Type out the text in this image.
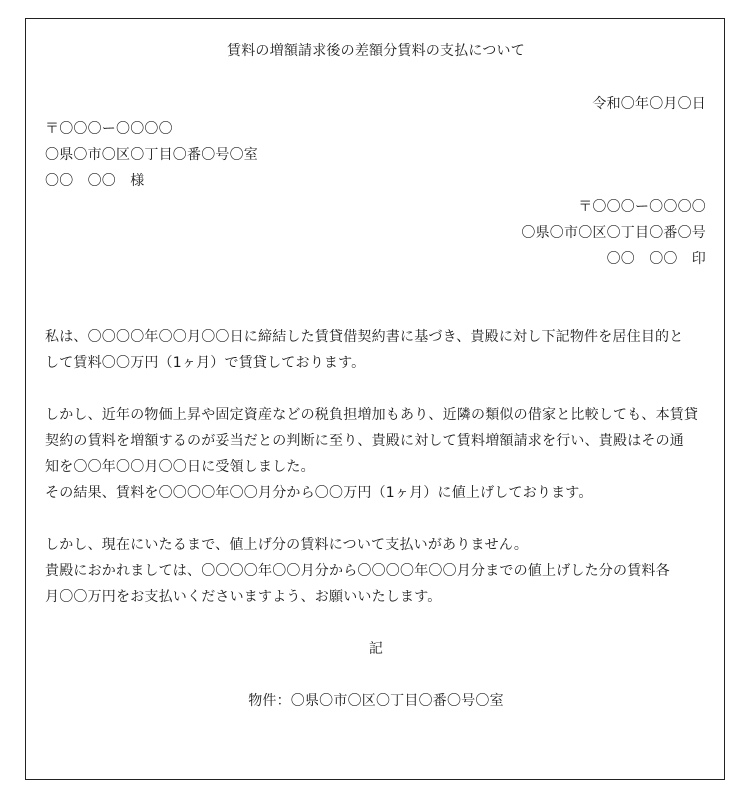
賃料の増額請求後の差額分賃料の支払について
令和〇年〇月〇日
〒〇〇〇ー〇〇〇〇
〇県〇市〇区〇丁目〇番〇号〇室
〇〇　〇〇　様
〒〇〇〇ー〇〇〇〇
〇県〇市〇区〇丁目〇番〇号
〇〇　〇〇　印
私は、〇〇〇〇年〇〇月〇〇日に締結した賃貸借契約書に基づき、貴殿に対し下記物件を居住目的と
して賃料〇〇万円（1ヶ月）で賃貸しております。
しかし、近年の物価上昇や固定資産などの税負担増加もあり、近隣の類似の借家と比較しても、本賃貸
契約の賃料を増額するのが妥当だとの判断に至り、貴殿に対して賃料増額請求を行い、貴殿はその通
知を〇〇年〇〇月〇〇日に受領しました。
その結果、賃料を〇〇〇〇年〇〇月分から〇〇万円（1ヶ月）に値上げしております。
しかし、現在にいたるまで、値上げ分の賃料について支払いがありません。
貴殿におかれましては、〇〇〇〇年〇〇月分から〇〇〇〇年〇〇月分までの値上げした分の賃料各
月〇〇万円をお支払いくださいますよう、お願いいたします。
記
物件：〇県〇市〇区〇丁目〇番〇号〇室
